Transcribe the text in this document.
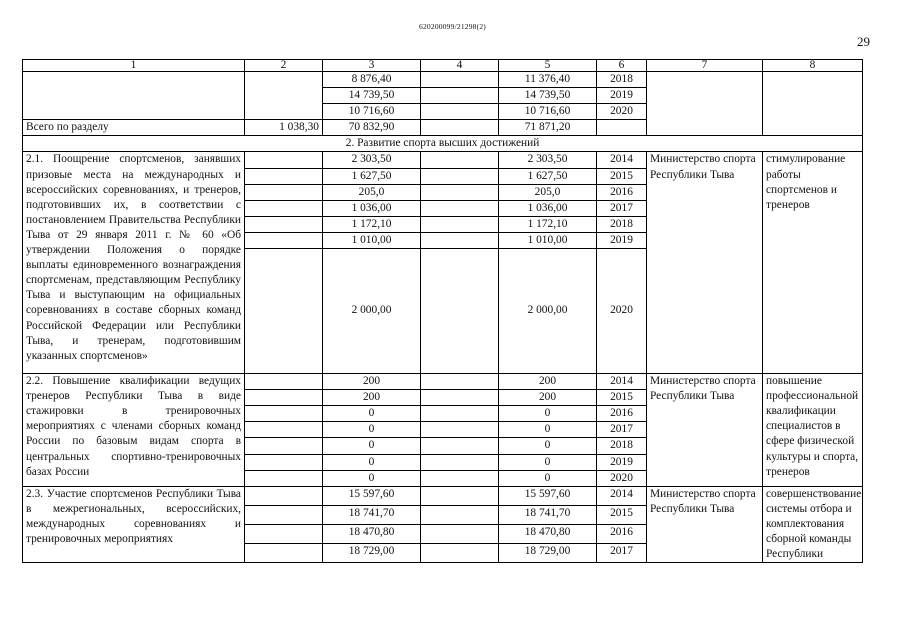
620200099/21298(2)
29
1	2	3	4	5	6	7	8
		8 876,40		11 376,40	2018		
		14 739,50		14 739,50	2019		
		10 716,60		10 716,60	2020		
Всего по разделу	1 038,30	70 832,90		71 871,20			
2. Развитие спорта высших достижений							
2.1. Поощрение спортсменов, занявших призовые места на международных и всероссийских соревнованиях, и тренеров, подготовивших их, в соответствии с постановлением Правительства Республики Тыва от 29 января 2011 г. № 60 «Об утверждении Положения о порядке выплаты единовременного вознаграждения спортсменам, представляющим Республику Тыва и выступающим на официальных соревнованиях в составе сборных команд Российской Федерации или Республики Тыва, и тренерам, подготовившим указанных спортсменов»		2 303,50		2 303,50	2014	Министерство спорта Республики Тыва	стимулирование работы спортсменов и тренеров
		1 627,50		1 627,50	2015		
		205,0		205,0	2016		
		1 036,00		1 036,00	2017		
		1 172,10		1 172,10	2018		
		1 010,00		1 010,00	2019		
		2 000,00		2 000,00	2020		
2.2. Повышение квалификации ведущих тренеров Республики Тыва в виде стажировки в тренировочных мероприятиях с членами сборных команд России по базовым видам спорта в центральных спортивно-тренировочных базах России		200		200	2014	Министерство спорта Республики Тыва	повышение профессиональной квалификации специалистов в сфере физической культуры и спорта, тренеров
		200		200	2015		
		0		0	2016		
		0		0	2017		
		0		0	2018		
		0		0	2019		
		0		0	2020		
2.3. Участие спортсменов Республики Тыва в межрегиональных, всероссийских, международных соревнованиях и тренировочных мероприятиях		15 597,60		15 597,60	2014	Министерство спорта Республики Тыва	совершенствование системы отбора и комплектования сборной команды Республики
		18 741,70		18 741,70	2015		
		18 470,80		18 470,80	2016		
		18 729,00		18 729,00	2017		
